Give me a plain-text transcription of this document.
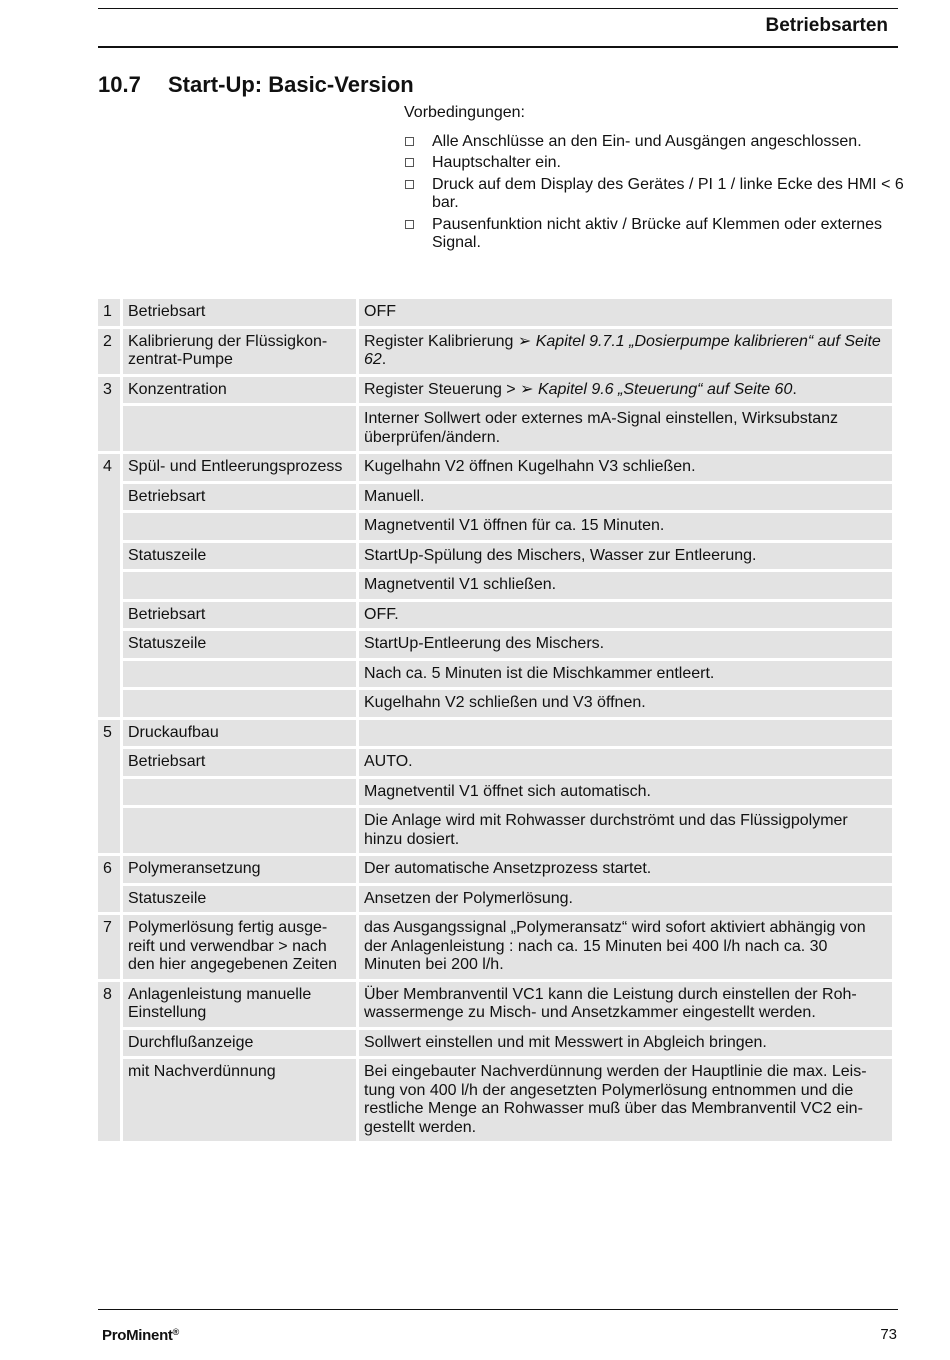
Betriebsarten
10.7 Start-Up: Basic-Version
Vorbedingungen:
Alle Anschlüsse an den Ein- und Ausgängen angeschlossen.
Hauptschalter ein.
Druck auf dem Display des Gerätes / PI 1 / linke Ecke des HMI < 6 bar.
Pausenfunktion nicht aktiv / Brücke auf Klemmen oder externes Signal.
1	Betriebsart	OFF
2	Kalibrierung der Flüssigkon-zentrat-Pumpe	Register Kalibrierung ➢ Kapitel 9.7.1 „Dosierpumpe kalibrieren“ auf Seite 62.
3	Konzentration	Register Steuerung > ➢ Kapitel 9.6 „Steuerung“ auf Seite 60.
		Interner Sollwert oder externes mA-Signal einstellen, Wirksubstanz überprüfen/ändern.
4	Spül- und Entleerungsprozess	Kugelhahn V2 öffnen Kugelhahn V3 schließen.
	Betriebsart	Manuell.
		Magnetventil V1 öffnen für ca. 15 Minuten.
	Statuszeile	StartUp-Spülung des Mischers, Wasser zur Entleerung.
		Magnetventil V1 schließen.
	Betriebsart	OFF.
	Statuszeile	StartUp-Entleerung des Mischers.
		Nach ca. 5 Minuten ist die Mischkammer entleert.
		Kugelhahn V2 schließen und V3 öffnen.
5	Druckaufbau	
	Betriebsart	AUTO.
		Magnetventil V1 öffnet sich automatisch.
		Die Anlage wird mit Rohwasser durchströmt und das Flüssigpolymer hinzu dosiert.
6	Polymeransetzung	Der automatische Ansetzprozess startet.
	Statuszeile	Ansetzen der Polymerlösung.
7	Polymerlösung fertig ausge-reift und verwendbar > nach den hier angegebenen Zeiten	das Ausgangssignal „Polymeransatz“ wird sofort aktiviert abhängig von der Anlagenleistung : nach ca. 15 Minuten bei 400 l/h nach ca. 30 Minuten bei 200 l/h.
8	Anlagenleistung manuelle Einstellung	Über Membranventil VC1 kann die Leistung durch einstellen der Roh-wassermenge zu Misch- und Ansetzkammer eingestellt werden.
	Durchflußanzeige	Sollwert einstellen und mit Messwert in Abgleich bringen.
	mit Nachverdünnung	Bei eingebauter Nachverdünnung werden der Hauptlinie die max. Leis-tung von 400 l/h der angesetzten Polymerlösung entnommen und die restliche Menge an Rohwasser muß über das Membranventil VC2 ein-gestellt werden.
ProMinent®	73
